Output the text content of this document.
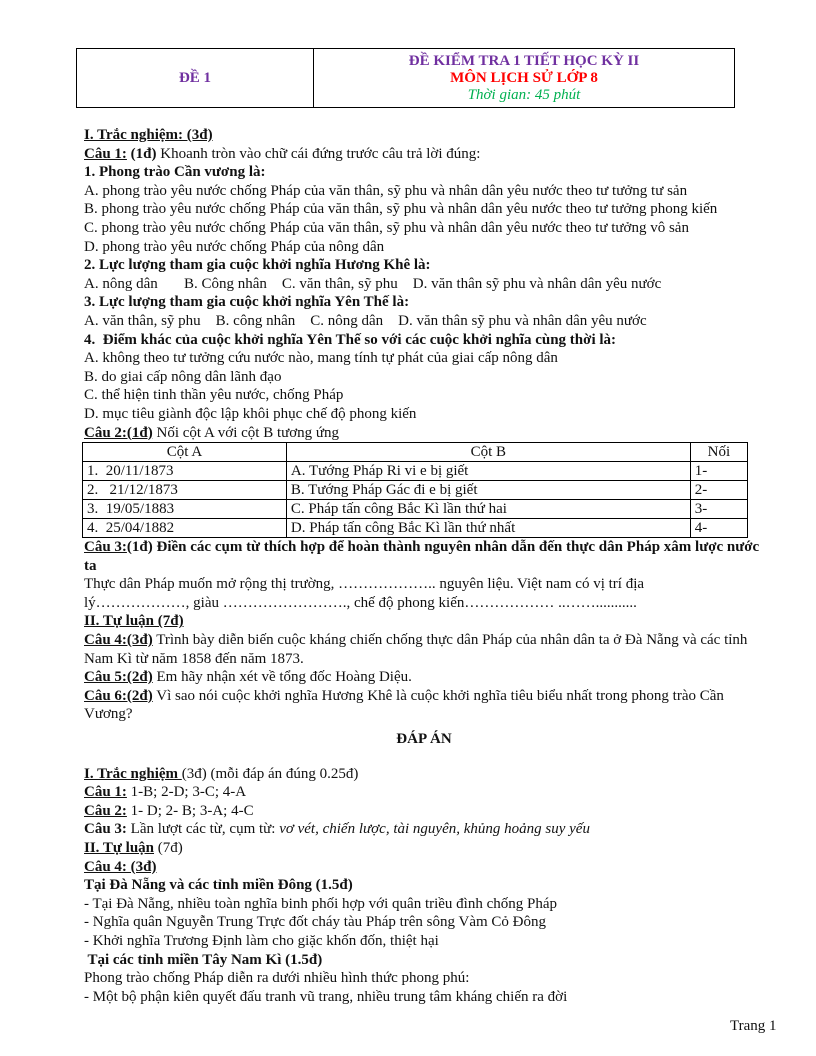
ĐỀ 1	
ĐỀ KIỂM TRA 1 TIẾT HỌC KỲ II
MÔN LỊCH SỬ LỚP 8
Thời gian: 45 phút
I. Trắc nghiệm: (3đ)
Câu 1: (1đ) Khoanh tròn vào chữ cái đứng trước câu trả lời đúng:
1. Phong trào Cần vương là:
A. phong trào yêu nước chống Pháp của văn thân, sỹ phu và nhân dân yêu nước theo tư tưởng tư sản
B. phong trào yêu nước chống Pháp của văn thân, sỹ phu và nhân dân yêu nước theo tư tưởng phong kiến
C. phong trào yêu nước chống Pháp của văn thân, sỹ phu và nhân dân yêu nước theo tư tưởng vô sản
D. phong trào yêu nước chống Pháp của nông dân
2. Lực lượng tham gia cuộc khởi nghĩa Hương Khê là:
A. nông dân       B. Công nhân    C. văn thân, sỹ phu    D. văn thân sỹ phu và nhân dân yêu nước
3. Lực lượng tham gia cuộc khởi nghĩa Yên Thế là:
A. văn thân, sỹ phu    B. công nhân    C. nông dân    D. văn thân sỹ phu và nhân dân yêu nước
4.  Điểm khác của cuộc khởi nghĩa Yên Thế so với các cuộc khởi nghĩa cùng thời là:
A. không theo tư tưởng cứu nước nào, mang tính tự phát của giai cấp nông dân
B. do giai cấp nông dân lãnh đạo
C. thể hiện tinh thần yêu nước, chống Pháp
D. mục tiêu giành độc lập khôi phục chế độ phong kiến
Câu 2:(1đ) Nối cột A với cột B tương ứng
Cột A	Cột B	Nối
1.  20/11/1873	A. Tướng Pháp Ri vi e bị giết	1-
2.   21/12/1873	B. Tướng Pháp Gác đi e bị giết	2-
3.  19/05/1883	C. Pháp tấn công Bắc Kì lần thứ hai	3-
4.  25/04/1882	D. Pháp tấn công Bắc Kì lần thứ nhất	4-
Câu 3:(1đ) Điền các cụm từ thích hợp để hoàn thành nguyên nhân dẫn đến thực dân Pháp xâm lược nước ta
Thực dân Pháp muốn mở rộng thị trường, ……………….. nguyên liệu. Việt nam có vị trí địa
lý………………, giàu ……………………., chế độ phong kiến……………… ..……...........
II. Tự luận (7đ)
Câu 4:(3đ) Trình bày diễn biến cuộc kháng chiến chống thực dân Pháp của nhân dân ta ở Đà Nẵng và các tỉnh Nam Kì từ năm 1858 đến năm 1873.
Câu 5:(2đ) Em hãy nhận xét về tổng đốc Hoàng Diệu.
Câu 6:(2đ) Vì sao nói cuộc khởi nghĩa Hương Khê là cuộc khởi nghĩa tiêu biểu nhất trong phong trào Cần Vương?
ĐÁP ÁN
I. Trắc nghiệm (3đ) (mỗi đáp án đúng 0.25đ)
Câu 1: 1-B; 2-D; 3-C; 4-A
Câu 2: 1- D; 2- B; 3-A; 4-C
Câu 3: Lần lượt các từ, cụm từ: vơ vét, chiến lược, tài nguyên, khủng hoảng suy yếu
II. Tự luận (7đ)
Câu 4: (3đ)
Tại Đà Nẵng và các tỉnh miền Đông (1.5đ)
- Tại Đà Nẵng, nhiều toàn nghĩa binh phối hợp với quân triều đình chống Pháp
- Nghĩa quân Nguyễn Trung Trực đốt cháy tàu Pháp trên sông Vàm Cỏ Đông
- Khởi nghĩa Trương Định làm cho giặc khốn đốn, thiệt hại
Tại các tỉnh miền Tây Nam Kì (1.5đ)
Phong trào chống Pháp diễn ra dưới nhiều hình thức phong phú:
- Một bộ phận kiên quyết đấu tranh vũ trang, nhiều trung tâm kháng chiến ra đời
Trang 1
